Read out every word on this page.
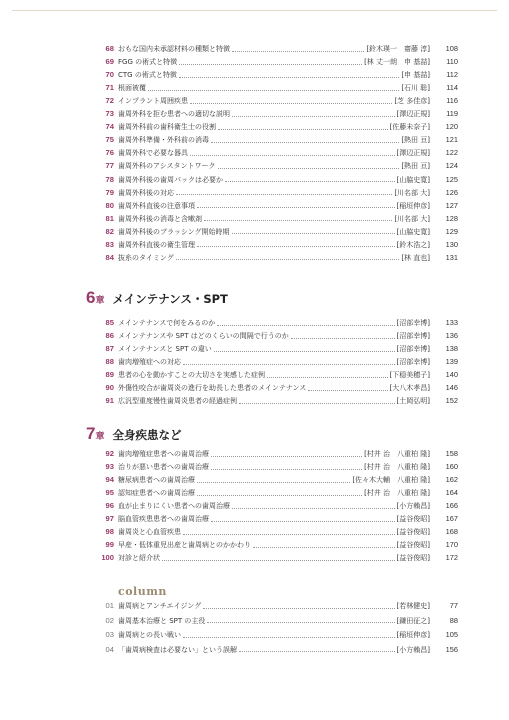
68 おもな国内未承認材料の種類と特徴	[鈴木瑛一　齋藤 淳]	108
69 FGG の術式と特徴	[林 丈一朗　申 基喆]	110
70 CTG の術式と特徴	[申 基喆]	112
71 根面被覆	[石川 聡]	114
72 インプラント周囲疾患	[芝 多佳彦]	116
73 歯周外科を拒む患者への適切な説明	[澤辺正規]	119
74 歯周外科前の歯科衛生士の役割	[佐藤未奈子]	120
75 歯周外科準備・外科前の消毒	[熱田 亘]	121
76 歯周外科で必要な器具	[澤辺正規]	122
77 歯周外科のアシスタントワーク	[熱田 亘]	124
78 歯周外科後の歯周パックは必要か	[山脇史寛]	125
79 歯周外科後の対応	[川名部 大]	126
80 歯周外科直後の注意事項	[稲垣伸彦]	127
81 歯周外科後の消毒と含嗽剤	[川名部 大]	128
82 歯周外科後のブラッシング開始時期	[山脇史寛]	129
83 歯周外科直後の衛生管理	[鈴木浩之]	130
84 抜糸のタイミング	[林 直也]	131
6 章 メインテナンス・SPT
85 メインテナンスで何をみるのか	[沼部幸博]	133
86 メインテナンスや SPT はどのくらいの間隔で行うのか	[沼部幸博]	136
87 メインテナンスと SPT の違い	[沼部幸博]	138
88 歯肉増殖症への対応	[沼部幸博]	139
89 患者の心を動かすことの大切さを実感した症例	[下穏美穂子]	140
90 外傷性咬合が歯周炎の進行を助長した患者のメインテナンス	[大八木孝昌]	146
91 広汎型重度慢性歯周炎患者の経過症例	[土岡弘明]	152
7 章 全身疾患など
92 歯肉増殖症患者への歯周治療	[村井 治　八重柏 隆]	158
93 治りが悪い患者への歯周治療	[村井 治　八重柏 隆]	160
94 糖尿病患者への歯周治療	[佐々木大輔　八重柏 隆]	162
95 認知症患者への歯周治療	[村井 治　八重柏 隆]	164
96 血が止まりにくい患者への歯周治療	[小方賴昌]	166
97 脳血管疾患患者への歯周治療	[益谷俊昭]	167
98 歯周炎と心血管疾患	[益谷俊昭]	168
99 早産・低体重児出産と歯周病とのかかわり	[益谷俊昭]	170
100 対診と紹介状	[益谷俊昭]	172
column
01 歯周病とアンチエイジング	[若林健史]	77
02 歯周基本治療と SPT の主役	[鎌田征之]	88
03 歯周病との長い戦い	[稲垣伸彦]	105
04 「歯周病検査は必要ない」という誤解	[小方賴昌]	156
